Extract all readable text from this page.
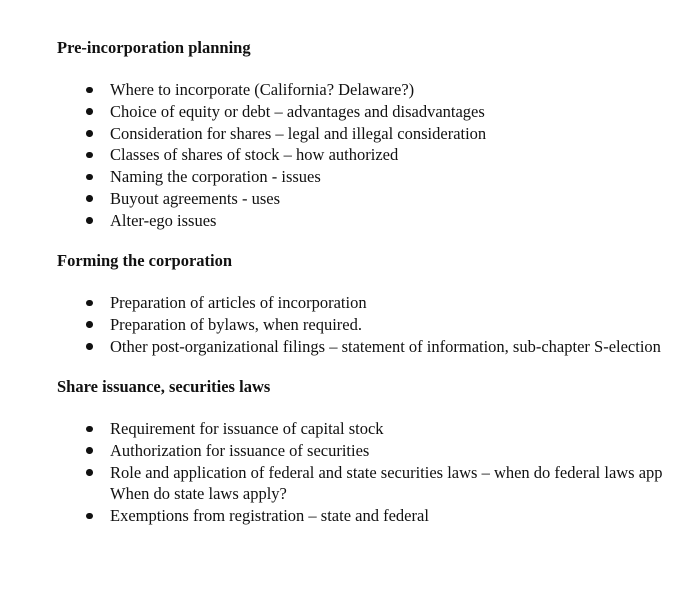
Pre-incorporation planning
Where to incorporate (California? Delaware?)
Choice of equity or debt – advantages and disadvantages
Consideration for shares – legal and illegal consideration
Classes of shares of stock – how authorized
Naming the corporation - issues
Buyout agreements - uses
Alter-ego issues
Forming the corporation
Preparation of articles of incorporation
Preparation of bylaws, when required.
Other post-organizational filings – statement of information, sub-chapter S-election
Share issuance, securities laws
Requirement for issuance of capital stock
Authorization for issuance of securities
Role and application of federal and state securities laws – when do federal laws app
When do state laws apply?
Exemptions from registration – state and federal
